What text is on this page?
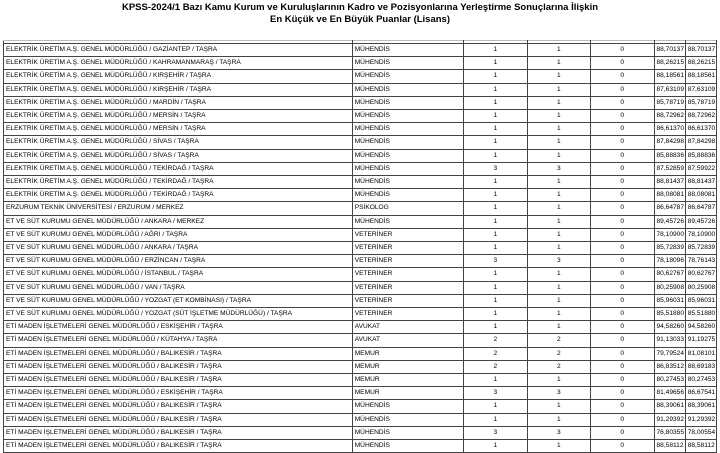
KPSS-2024/1 Bazı Kamu Kurum ve Kuruluşlarının Kadro ve Pozisyonlarına Yerleştirme Sonuçlarına İlişkin
En Küçük ve En Büyük Puanlar (Lisans)

ELEKTRİK ÜRETİM A.Ş. GENEL MÜDÜRLÜĞÜ / GAZİANTEP / TAŞRA	MÜHENDİS	1	1	0	88,70137	88,70137
ELEKTRİK ÜRETİM A.Ş. GENEL MÜDÜRLÜĞÜ / KAHRAMANMARAŞ / TAŞRA	MÜHENDİS	1	1	0	88,26215	88,26215
ELEKTRİK ÜRETİM A.Ş. GENEL MÜDÜRLÜĞÜ / KIRŞEHİR / TAŞRA	MÜHENDİS	1	1	0	88,18561	88,18561
ELEKTRİK ÜRETİM A.Ş. GENEL MÜDÜRLÜĞÜ / KIRŞEHİR / TAŞRA	MÜHENDİS	1	1	0	87,63109	87,63109
ELEKTRİK ÜRETİM A.Ş. GENEL MÜDÜRLÜĞÜ / MARDİN / TAŞRA	MÜHENDİS	1	1	0	85,78719	85,78719
ELEKTRİK ÜRETİM A.Ş. GENEL MÜDÜRLÜĞÜ / MERSİN / TAŞRA	MÜHENDİS	1	1	0	88,72962	88,72962
ELEKTRİK ÜRETİM A.Ş. GENEL MÜDÜRLÜĞÜ / MERSİN / TAŞRA	MÜHENDİS	1	1	0	86,61370	86,61370
ELEKTRİK ÜRETİM A.Ş. GENEL MÜDÜRLÜĞÜ / SİVAS / TAŞRA	MÜHENDİS	1	1	0	87,84298	87,84298
ELEKTRİK ÜRETİM A.Ş. GENEL MÜDÜRLÜĞÜ / SİVAS / TAŞRA	MÜHENDİS	1	1	0	85,88836	85,88836
ELEKTRİK ÜRETİM A.Ş. GENEL MÜDÜRLÜĞÜ / TEKİRDAĞ / TAŞRA	MÜHENDİS	3	3	0	87,52859	87,59922
ELEKTRİK ÜRETİM A.Ş. GENEL MÜDÜRLÜĞÜ / TEKİRDAĞ / TAŞRA	MÜHENDİS	1	1	0	88,81437	88,81437
ELEKTRİK ÜRETİM A.Ş. GENEL MÜDÜRLÜĞÜ / TEKİRDAĞ / TAŞRA	MÜHENDİS	1	1	0	88,08081	88,08081
ERZURUM TEKNİK ÜNİVERSİTESİ / ERZURUM / MERKEZ	PSİKOLOG	1	1	0	86,64787	86,64787
ET VE SÜT KURUMU GENEL MÜDÜRLÜĞÜ / ANKARA / MERKEZ	MÜHENDİS	1	1	0	89,45726	89,45726
ET VE SÜT KURUMU GENEL MÜDÜRLÜĞÜ / AĞRI / TAŞRA	VETERİNER	1	1	0	78,10900	78,10900
ET VE SÜT KURUMU GENEL MÜDÜRLÜĞÜ / ANKARA / TAŞRA	VETERİNER	1	1	0	85,72839	85,72839
ET VE SÜT KURUMU GENEL MÜDÜRLÜĞÜ / ERZİNCAN / TAŞRA	VETERİNER	3	3	0	78,18096	78,76143
ET VE SÜT KURUMU GENEL MÜDÜRLÜĞÜ / İSTANBUL / TAŞRA	VETERİNER	1	1	0	80,62767	80,62767
ET VE SÜT KURUMU GENEL MÜDÜRLÜĞÜ / VAN / TAŞRA	VETERİNER	1	1	0	80,25908	80,25908
ET VE SÜT KURUMU GENEL MÜDÜRLÜĞÜ / YOZGAT (ET KOMBİNASI) / TAŞRA	VETERİNER	1	1	0	85,96031	85,96031
ET VE SÜT KURUMU GENEL MÜDÜRLÜĞÜ / YOZGAT (SÜT İŞLETME MÜDÜRLÜĞÜ) / TAŞRA	VETERİNER	1	1	0	85,51880	85,51880
ETİ MADEN İŞLETMELERİ GENEL MÜDÜRLÜĞÜ / ESKİŞEHİR / TAŞRA	AVUKAT	1	1	0	94,58260	94,58260
ETİ MADEN İŞLETMELERİ GENEL MÜDÜRLÜĞÜ / KÜTAHYA / TAŞRA	AVUKAT	2	2	0	91,13033	91,19275
ETİ MADEN İŞLETMELERİ GENEL MÜDÜRLÜĞÜ / BALIKESİR / TAŞRA	MEMUR	2	2	0	79,79524	81,08101
ETİ MADEN İŞLETMELERİ GENEL MÜDÜRLÜĞÜ / BALIKESİR / TAŞRA	MEMUR	2	2	0	86,83512	88,69183
ETİ MADEN İŞLETMELERİ GENEL MÜDÜRLÜĞÜ / BALIKESİR / TAŞRA	MEMUR	1	1	0	80,27453	80,27453
ETİ MADEN İŞLETMELERİ GENEL MÜDÜRLÜĞÜ / ESKİŞEHİR / TAŞRA	MEMUR	3	3	0	81,49656	86,67541
ETİ MADEN İŞLETMELERİ GENEL MÜDÜRLÜĞÜ / BALIKESİR / TAŞRA	MÜHENDİS	1	1	0	88,39061	88,39061
ETİ MADEN İŞLETMELERİ GENEL MÜDÜRLÜĞÜ / BALIKESİR / TAŞRA	MÜHENDİS	1	1	0	91,29392	91,29392
ETİ MADEN İŞLETMELERİ GENEL MÜDÜRLÜĞÜ / BALIKESİR / TAŞRA	MÜHENDİS	3	3	0	76,80355	78,00554
ETİ MADEN İŞLETMELERİ GENEL MÜDÜRLÜĞÜ / BALIKESİR / TAŞRA	MÜHENDİS	1	1	0	88,58112	88,58112
